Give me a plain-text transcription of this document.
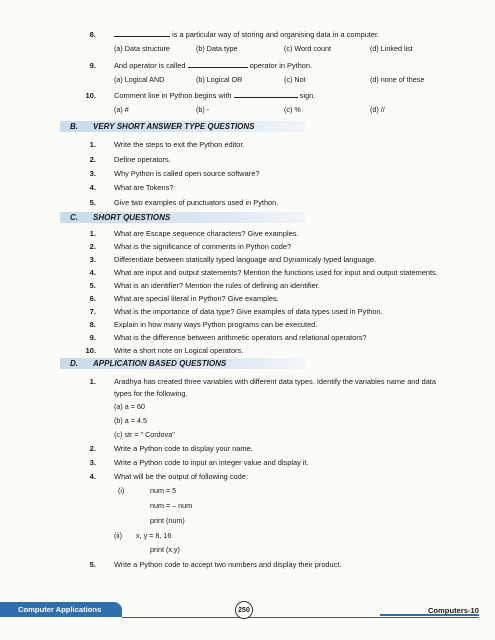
8.	is a particular way of storing and organising data in a computer.
(a) Data structure	(b) Data type	(c) Word count	(d) Linked list
9. And operator is called	operator in Python.
(a) Logical AND	(b) Logical OR	(c) Not	(d) none of these
10. Comment line in Python begins with	sign.
(a) #	(b) -	(c) %	(d) //
B. VERY SHORT ANSWER TYPE QUESTIONS
1. Write the steps to exit the Python editor.
2. Define operators.
3. Why Python is called open source software?
4. What are Tokens?
5. Give two examples of punctuators used in Python.
C. SHORT QUESTIONS
1. What are Escape sequence characters? Give examples.
2. What is the significance of comments in Python code?
3. Differentiate between statically typed language and Dynamicaly typed language.
4. What are input and output statements? Mention the functions used for input and output statements.
5. What is an identifier? Mention the rules of defining an identifier.
6. What are special literal in Python? Give examples.
7. What is the importance of data type? Give examples of data types used in Python.
8. Explain in how many ways Python programs can be executed.
9. What is the difference between arithmetic operators and relational operators?
10. Write a short note on Logical operators.
D. APPLICATION BASED QUESTIONS
1. Aradhya has created three variables with different data types. Identify the variables name and data
types for the following.
(a) a = 60
(b) a = 4.5
(c) str = " Cordova"
2. Write a Python code to display your name.
3. Write a Python code to input an integer value and display it.
4. What will be the output of following code:
(i)	num = 5
num = – num
print (num)
(ii) x, y = 8, 16
print (x,y)
5. Write a Python code to accept two numbers and display their product.
Computer Applications	250	Computers-10
